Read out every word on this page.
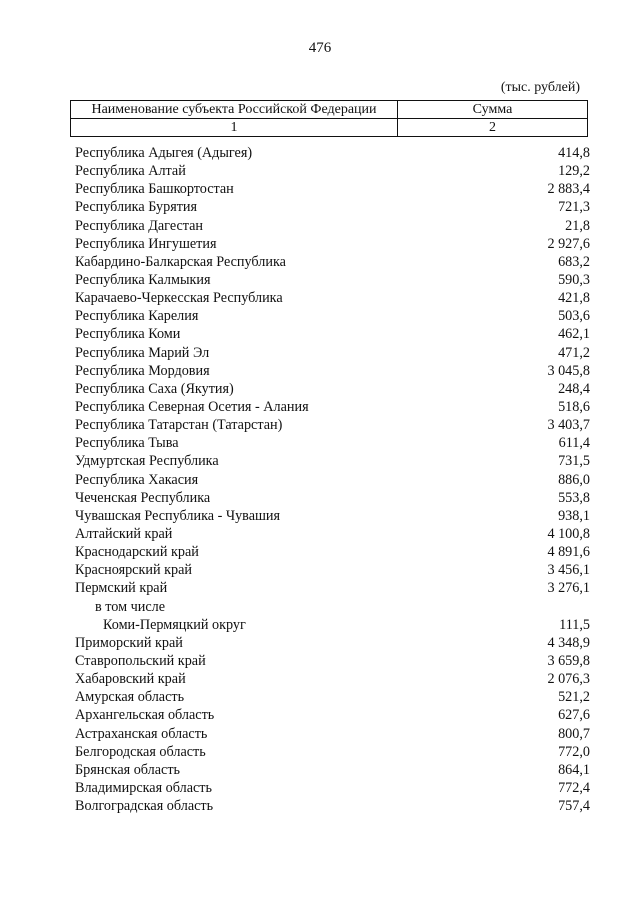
476
(тыс. рублей)
Наименование субъекта Российской Федерации	Сумма
1	2
Республика Адыгея (Адыгея)	414,8
Республика Алтай	129,2
Республика Башкортостан	2 883,4
Республика Бурятия	721,3
Республика Дагестан	21,8
Республика Ингушетия	2 927,6
Кабардино-Балкарская Республика	683,2
Республика Калмыкия	590,3
Карачаево-Черкесская Республика	421,8
Республика Карелия	503,6
Республика Коми	462,1
Республика Марий Эл	471,2
Республика Мордовия	3 045,8
Республика Саха (Якутия)	248,4
Республика Северная Осетия - Алания	518,6
Республика Татарстан (Татарстан)	3 403,7
Республика Тыва	611,4
Удмуртская Республика	731,5
Республика Хакасия	886,0
Чеченская Республика	553,8
Чувашская Республика - Чувашия	938,1
Алтайский край	4 100,8
Краснодарский край	4 891,6
Красноярский край	3 456,1
Пермский край	3 276,1
в том числе
Коми-Пермяцкий округ	111,5
Приморский край	4 348,9
Ставропольский край	3 659,8
Хабаровский край	2 076,3
Амурская область	521,2
Архангельская область	627,6
Астраханская область	800,7
Белгородская область	772,0
Брянская область	864,1
Владимирская область	772,4
Волгоградская область	757,4
